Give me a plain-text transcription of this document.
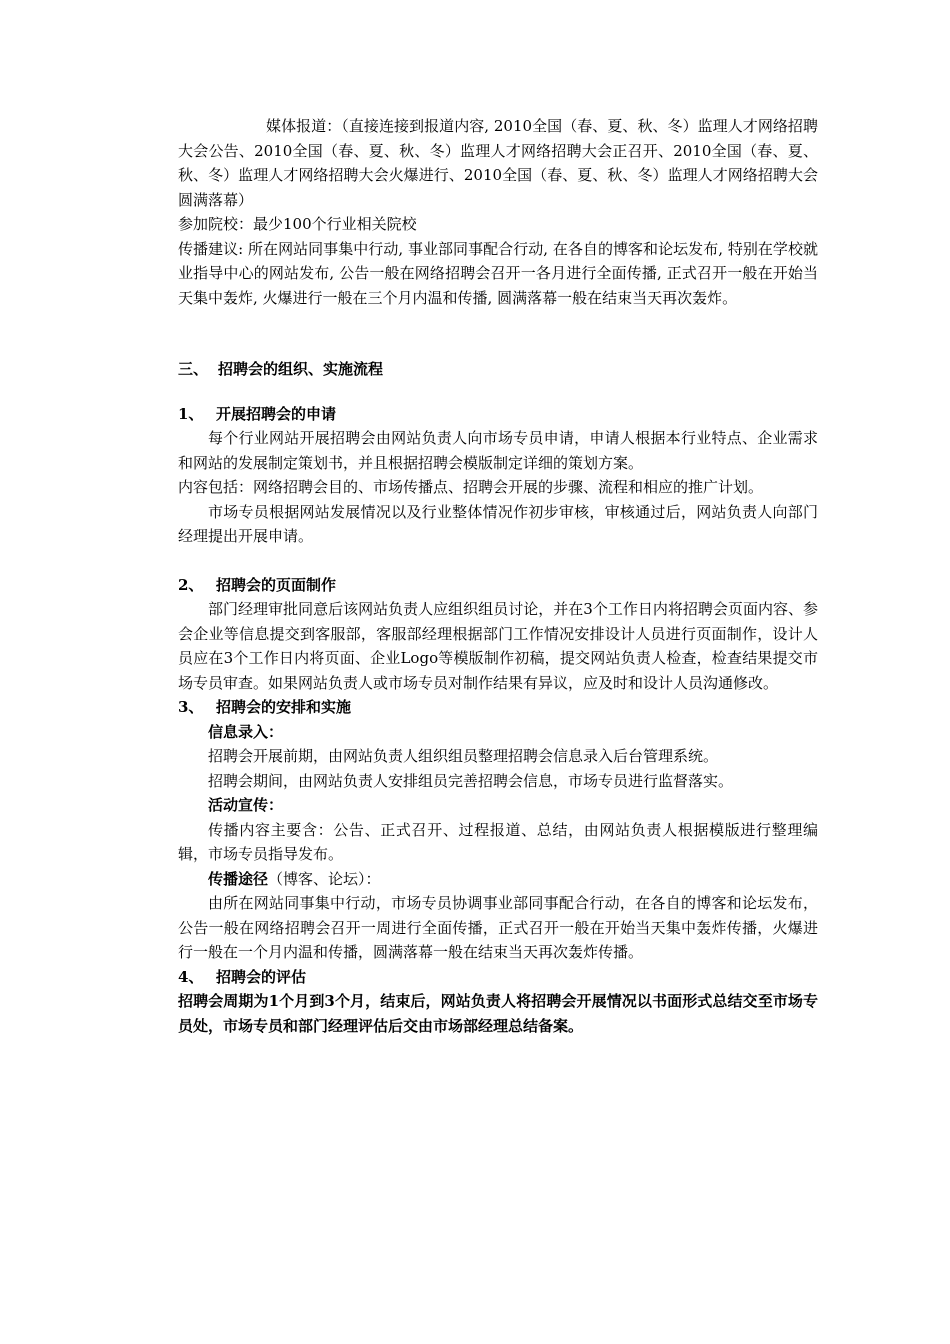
媒体报道：（直接连接到报道内容, 2010全国（春、夏、秋、冬）监理人才网络招聘大会公告、2010全国（春、夏、秋、冬）监理人才网络招聘大会正召开、2010全国（春、夏、秋、冬）监理人才网络招聘大会火爆进行、2010全国（春、夏、秋、冬）监理人才网络招聘大会圆满落幕）

参加院校：最少100个行业相关院校

传播建议: 所在网站同事集中行动, 事业部同事配合行动, 在各自的博客和论坛发布, 特别在学校就业指导中心的网站发布, 公告一般在网络招聘会召开一各月进行全面传播, 正式召开一般在开始当天集中轰炸, 火爆进行一般在三个月内温和传播, 圆满落幕一般在结束当天再次轰炸。

三、 招聘会的组织、实施流程

1、 开展招聘会的申请

每个行业网站开展招聘会由网站负责人向市场专员申请，申请人根据本行业特点、企业需求和网站的发展制定策划书，并且根据招聘会模版制定详细的策划方案。

内容包括：网络招聘会目的、市场传播点、招聘会开展的步骤、流程和相应的推广计划。

市场专员根据网站发展情况以及行业整体情况作初步审核，审核通过后，网站负责人向部门经理提出开展申请。

2、 招聘会的页面制作

部门经理审批同意后该网站负责人应组织组员讨论，并在3个工作日内将招聘会页面内容、参会企业等信息提交到客服部，客服部经理根据部门工作情况安排设计人员进行页面制作，设计人员应在3个工作日内将页面、企业Logo等模版制作初稿，提交网站负责人检查，检查结果提交市场专员审查。如果网站负责人或市场专员对制作结果有异议，应及时和设计人员沟通修改。

3、 招聘会的安排和实施

信息录入：

招聘会开展前期，由网站负责人组织组员整理招聘会信息录入后台管理系统。

招聘会期间，由网站负责人安排组员完善招聘会信息，市场专员进行监督落实。

活动宣传：

传播内容主要含：公告、正式召开、过程报道、总结，由网站负责人根据模版进行整理编辑，市场专员指导发布。

传播途径（博客、论坛）：

由所在网站同事集中行动，市场专员协调事业部同事配合行动，在各自的博客和论坛发布，公告一般在网络招聘会召开一周进行全面传播，正式召开一般在开始当天集中轰炸传播，火爆进行一般在一个月内温和传播，圆满落幕一般在结束当天再次轰炸传播。

4、 招聘会的评估

招聘会周期为1个月到3个月，结束后，网站负责人将招聘会开展情况以书面形式总结交至市场专员处，市场专员和部门经理评估后交由市场部经理总结备案。
